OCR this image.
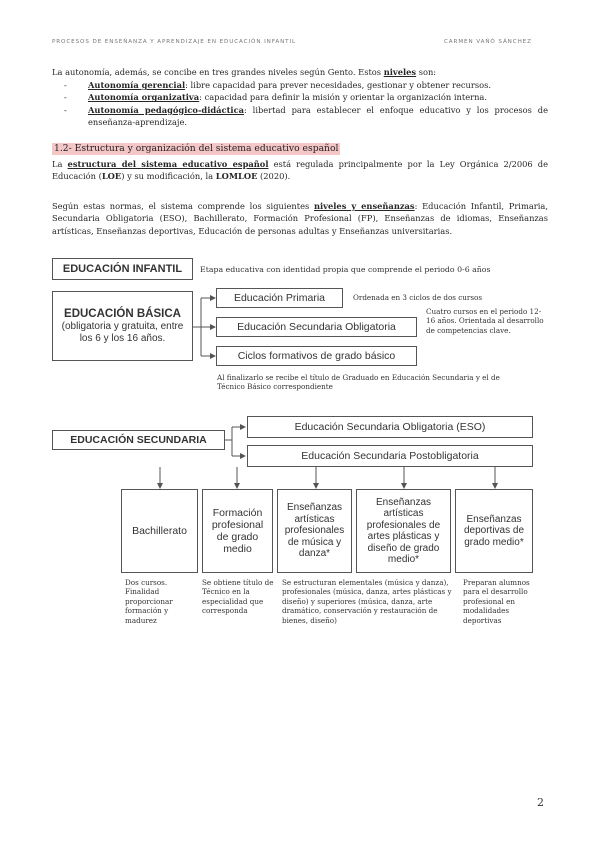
PROCESOS DE ENSEÑANZA Y APRENDIZAJE EN EDUCACIÓN INFANTIL	CARMEN VAÑÓ SÁNCHEZ
La autonomía, además, se concibe en tres grandes niveles según Gento. Estos niveles son:
-	Autonomía gerencial: libre capacidad para prever necesidades, gestionar y obtener recursos.
-	Autonomía organizativa: capacidad para definir la misión y orientar la organización interna.
-	Autonomía pedagógico-didáctica: libertad para establecer el enfoque educativo y los procesos de enseñanza-aprendizaje.
1.2- Estructura y organización del sistema educativo español
La estructura del sistema educativo español está regulada principalmente por la Ley Orgánica 2/2006 de Educación (LOE) y su modificación, la LOMLOE (2020).
Según estas normas, el sistema comprende los siguientes niveles y enseñanzas: Educación Infantil, Primaria, Secundaria Obligatoria (ESO), Bachillerato, Formación Profesional (FP), Enseñanzas de idiomas, Enseñanzas artísticas, Enseñanzas deportivas, Educación de personas adultas y Enseñanzas universitarias.
EDUCACIÓN INFANTIL Etapa educativa con identidad propia que comprende el periodo 0-6 años
EDUCACIÓN BÁSICA
(obligatoria y gratuita, entre los 6 y los 16 años.
Educación Primaria	Ordenada en 3 ciclos de dos cursos
Educación Secundaria Obligatoria
Cuatro cursos en el periodo 12-16 años. Orientada al desarrollo de competencias clave.
Ciclos formativos de grado básico
Al finalizarlo se recibe el título de Graduado en Educación Secundaria y el de Técnico Básico correspondiente
EDUCACIÓN SECUNDARIA
Educación Secundaria Obligatoria (ESO)
Educación Secundaria Postobligatoria
Bachillerato
Formación profesional de grado medio
Enseñanzas artísticas profesionales de música y danza*
Enseñanzas artísticas profesionales de artes plásticas y diseño de grado medio*
Enseñanzas deportivas de grado medio*
Dos cursos. Finalidad proporcionar formación y madurez
Se obtiene título de Técnico en la especialidad que corresponda
Se estructuran elementales (música y danza), profesionales (música, danza, artes plásticas y diseño) y superiores (música, danza, arte dramático, conservación y restauración de bienes, diseño)
Preparan alumnos para el desarrollo profesional en modalidades deportivas
2
